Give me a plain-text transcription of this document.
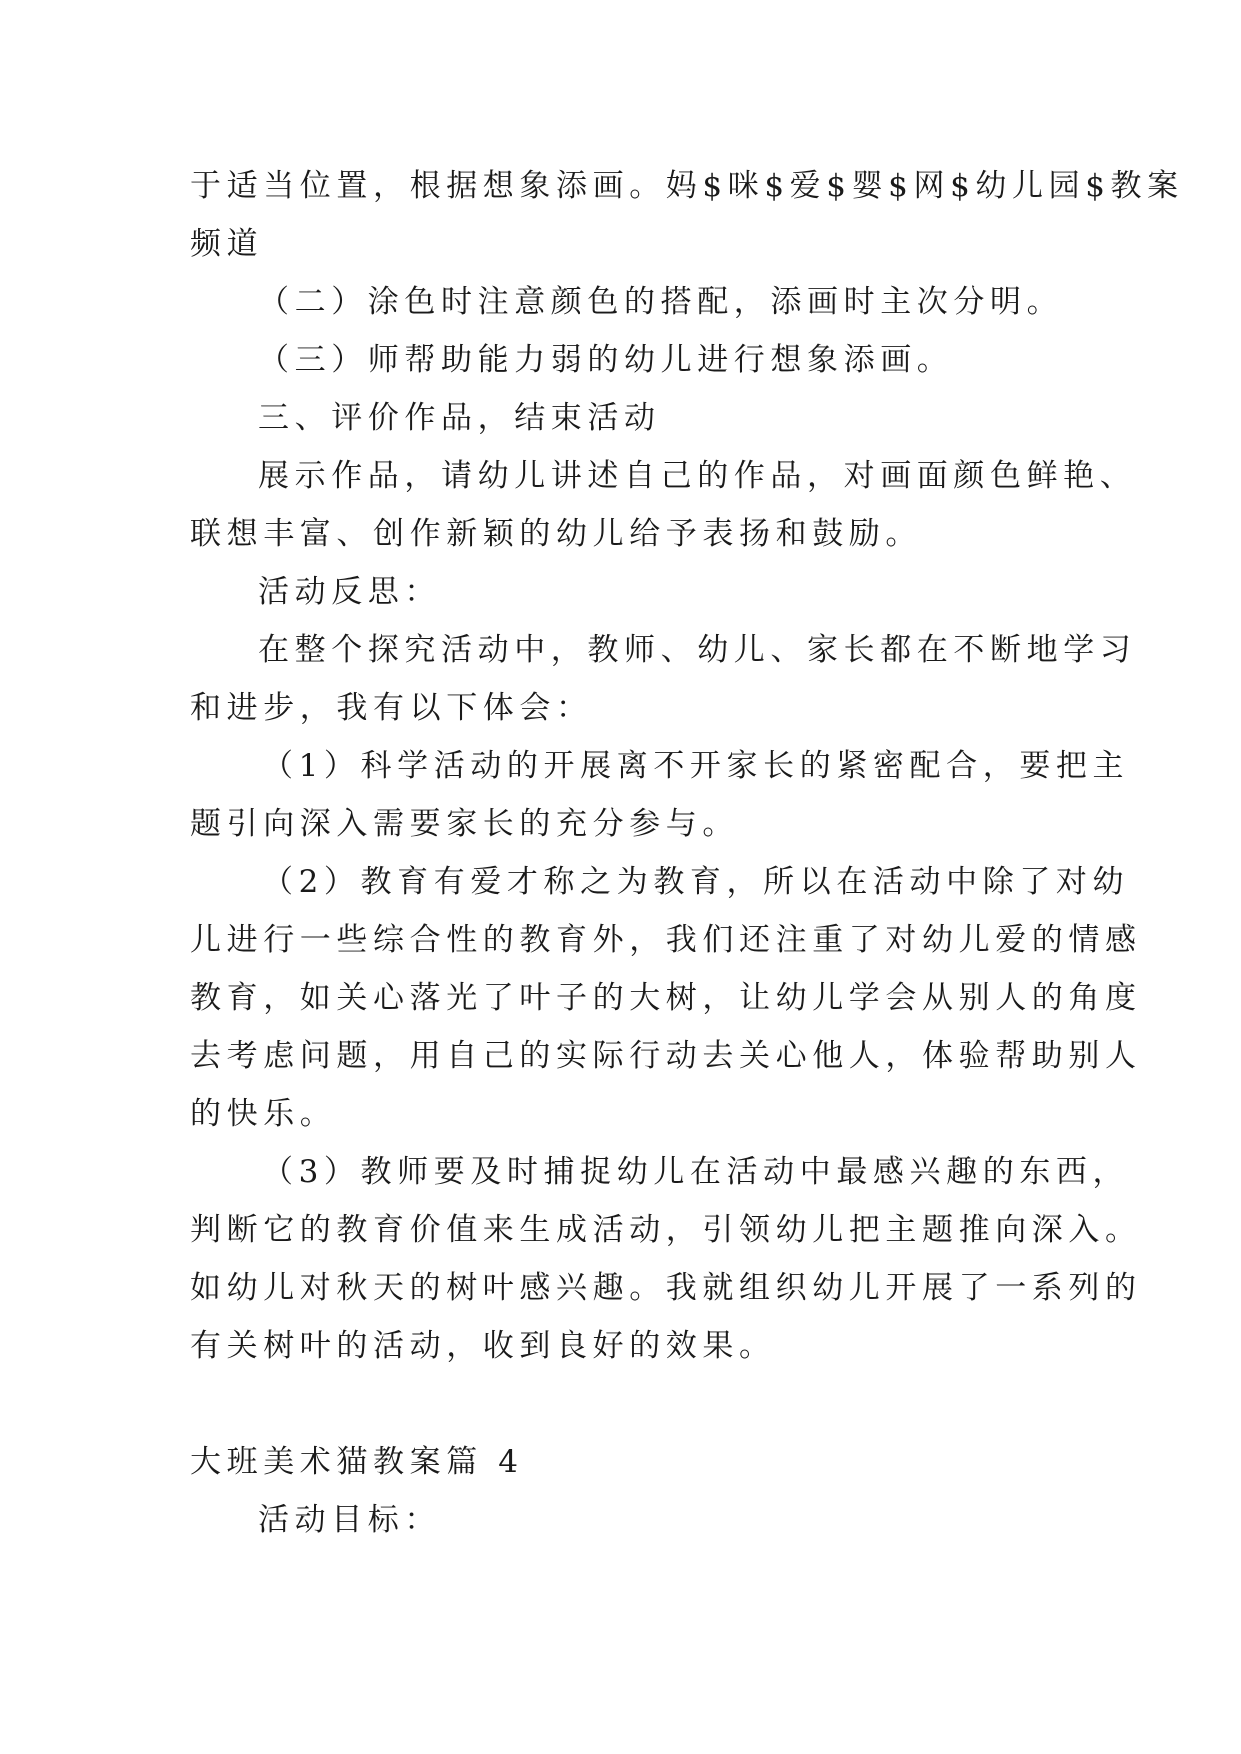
于适当位置，根据想象添画。妈$咪$爱$婴$网$幼儿园$教案
频道
（二）涂色时注意颜色的搭配，添画时主次分明。
（三）师帮助能力弱的幼儿进行想象添画。
三、评价作品，结束活动
展示作品，请幼儿讲述自己的作品，对画面颜色鲜艳、
联想丰富、创作新颖的幼儿给予表扬和鼓励。
活动反思：
在整个探究活动中，教师、幼儿、家长都在不断地学习
和进步，我有以下体会：
（1）科学活动的开展离不开家长的紧密配合，要把主
题引向深入需要家长的充分参与。
（2）教育有爱才称之为教育，所以在活动中除了对幼
儿进行一些综合性的教育外，我们还注重了对幼儿爱的情感
教育，如关心落光了叶子的大树，让幼儿学会从别人的角度
去考虑问题，用自己的实际行动去关心他人，体验帮助别人
的快乐。
（3）教师要及时捕捉幼儿在活动中最感兴趣的东西，
判断它的教育价值来生成活动，引领幼儿把主题推向深入。
如幼儿对秋天的树叶感兴趣。我就组织幼儿开展了一系列的
有关树叶的活动，收到良好的效果。
大班美术猫教案篇 4
活动目标：
